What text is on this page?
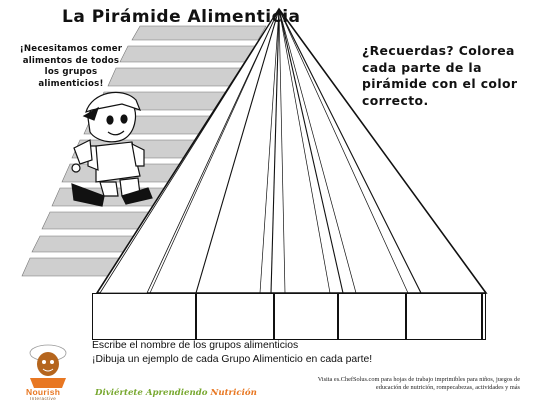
La Pirámide Alimenticia
¡Necesitamos comer alimentos de todos los grupos alimenticios!
¿Recuerdas? Colorea cada parte de la pirámide con el color correcto.
Escribe el nombre de los grupos alimenticios
¡Dibuja un ejemplo de cada Grupo Alimenticio en cada parte!
Nourish
Interactive
Diviértete Aprendiendo Nutrición
Visita es.ChefSolus.com para hojas de trabajo imprimibles para niños, juegos de educación de nutrición, rompecabezas, actividades y más
